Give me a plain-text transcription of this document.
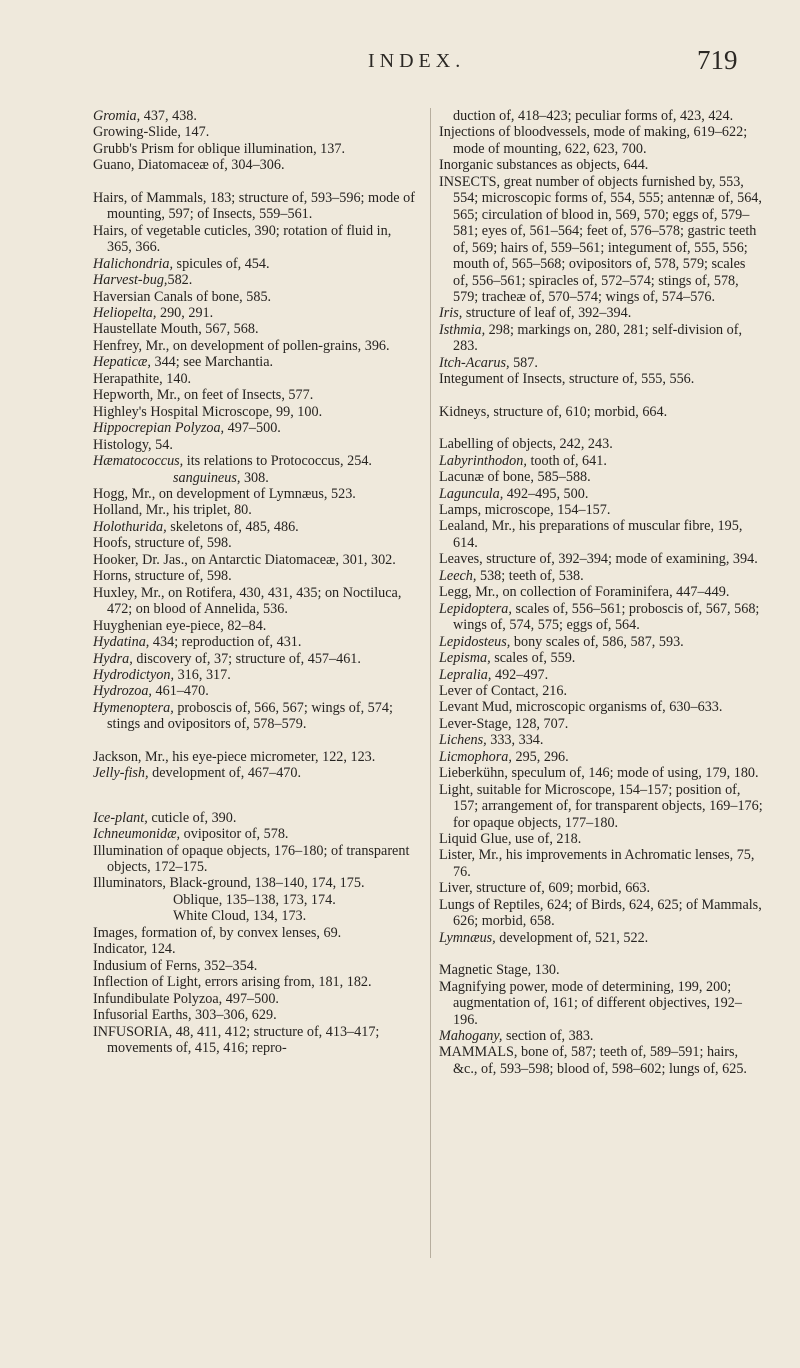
INDEX.	719

Gromia, 437, 438.

Growing-Slide, 147.

Grubb's Prism for oblique illumination, 137.

Guano, Diatomaceæ of, 304–306.

Hairs, of Mammals, 183; structure of, 593–596; mode of mounting, 597; of Insects, 559–561.

Hairs, of vegetable cuticles, 390; rotation of fluid in, 365, 366.

Halichondria, spicules of, 454.

Harvest-bug,582.

Haversian Canals of bone, 585.

Heliopelta, 290, 291.

Haustellate Mouth, 567, 568.

Henfrey, Mr., on development of pollen-grains, 396.

Hepaticæ, 344; see Marchantia.

Herapathite, 140.

Hepworth, Mr., on feet of Insects, 577.

Highley's Hospital Microscope, 99, 100.

Hippocrepian Polyzoa, 497–500.

Histology, 54.

Hæmatococcus, its relations to Protococcus, 254.

sanguineus, 308.

Hogg, Mr., on development of Lymnæus, 523.

Holland, Mr., his triplet, 80.

Holothurida, skeletons of, 485, 486.

Hoofs, structure of, 598.

Hooker, Dr. Jas., on Antarctic Diatomaceæ, 301, 302.

Horns, structure of, 598.

Huxley, Mr., on Rotifera, 430, 431, 435; on Noctiluca, 472; on blood of Annelida, 536.

Huyghenian eye-piece, 82–84.

Hydatina, 434; reproduction of, 431.

Hydra, discovery of, 37; structure of, 457–461.

Hydrodictyon, 316, 317.

Hydrozoa, 461–470.

Hymenoptera, proboscis of, 566, 567; wings of, 574; stings and ovipositors of, 578–579.

Jackson, Mr., his eye-piece micrometer, 122, 123.

Jelly-fish, development of, 467–470.

Ice-plant, cuticle of, 390.

Ichneumonidæ, ovipositor of, 578.

Illumination of opaque objects, 176–180; of transparent objects, 172–175.

Illuminators, Black-ground, 138–140, 174, 175.

Oblique, 135–138, 173, 174.

White Cloud, 134, 173.

Images, formation of, by convex lenses, 69.

Indicator, 124.

Indusium of Ferns, 352–354.

Inflection of Light, errors arising from, 181, 182.

Infundibulate Polyzoa, 497–500.

Infusorial Earths, 303–306, 629.

INFUSORIA, 48, 411, 412; structure of, 413–417; movements of, 415, 416; repro-

duction of, 418–423; peculiar forms of, 423, 424.

Injections of bloodvessels, mode of making, 619–622; mode of mounting, 622, 623, 700.

Inorganic substances as objects, 644.

INSECTS, great number of objects furnished by, 553, 554; microscopic forms of, 554, 555; antennæ of, 564, 565; circulation of blood in, 569, 570; eggs of, 579–581; eyes of, 561–564; feet of, 576–578; gastric teeth of, 569; hairs of, 559–561; integument of, 555, 556; mouth of, 565–568; ovipositors of, 578, 579; scales of, 556–561; spiracles of, 572–574; stings of, 578, 579; tracheæ of, 570–574; wings of, 574–576.

Iris, structure of leaf of, 392–394.

Isthmia, 298; markings on, 280, 281; self-division of, 283.

Itch-Acarus, 587.

Integument of Insects, structure of, 555, 556.

Kidneys, structure of, 610; morbid, 664.

Labelling of objects, 242, 243.

Labyrinthodon, tooth of, 641.

Lacunæ of bone, 585–588.

Laguncula, 492–495, 500.

Lamps, microscope, 154–157.

Lealand, Mr., his preparations of muscular fibre, 195, 614.

Leaves, structure of, 392–394; mode of examining, 394.

Leech, 538; teeth of, 538.

Legg, Mr., on collection of Foraminifera, 447–449.

Lepidoptera, scales of, 556–561; proboscis of, 567, 568; wings of, 574, 575; eggs of, 564.

Lepidosteus, bony scales of, 586, 587, 593.

Lepisma, scales of, 559.

Lepralia, 492–497.

Lever of Contact, 216.

Levant Mud, microscopic organisms of, 630–633.

Lever-Stage, 128, 707.

Lichens, 333, 334.

Licmophora, 295, 296.

Lieberkühn, speculum of, 146; mode of using, 179, 180.

Light, suitable for Microscope, 154–157; position of, 157; arrangement of, for transparent objects, 169–176; for opaque objects, 177–180.

Liquid Glue, use of, 218.

Lister, Mr., his improvements in Achromatic lenses, 75, 76.

Liver, structure of, 609; morbid, 663.

Lungs of Reptiles, 624; of Birds, 624, 625; of Mammals, 626; morbid, 658.

Lymnæus, development of, 521, 522.

Magnetic Stage, 130.

Magnifying power, mode of determining, 199, 200; augmentation of, 161; of different objectives, 192–196.

Mahogany, section of, 383.

MAMMALS, bone of, 587; teeth of, 589–591; hairs, &c., of, 593–598; blood of, 598–602; lungs of, 625.
